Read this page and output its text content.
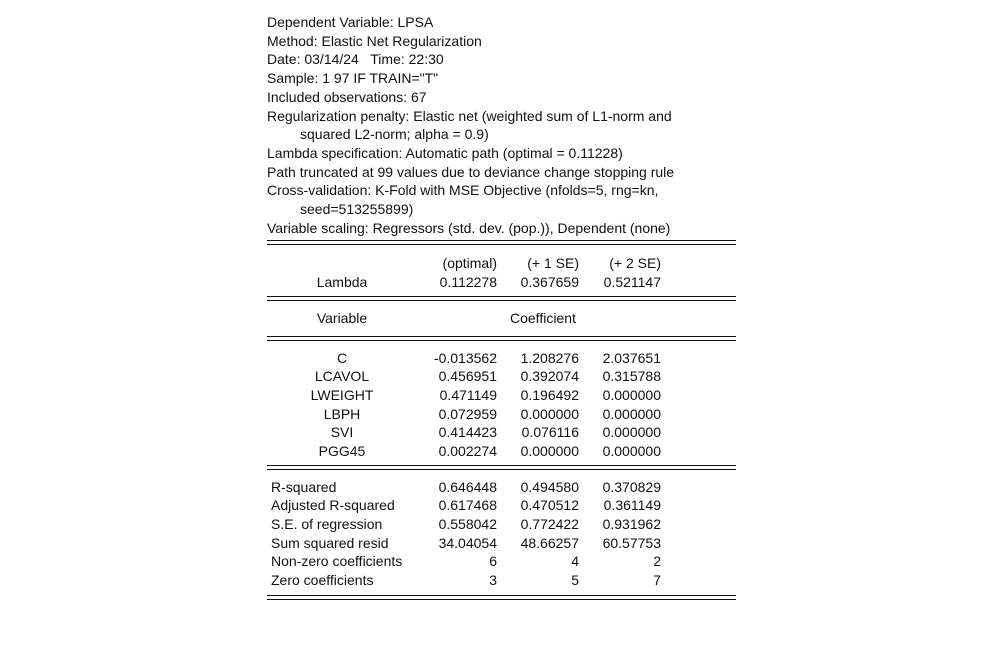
Dependent Variable: LPSA
Method: Elastic Net Regularization
Date: 03/14/24   Time: 22:30
Sample: 1 97 IF TRAIN="T"
Included observations: 67
Regularization penalty: Elastic net (weighted sum of L1-norm and
squared L2-norm; alpha = 0.9)
Lambda specification: Automatic path (optimal = 0.11228)
Path truncated at 99 values due to deviance change stopping rule
Cross-validation: K-Fold with MSE Objective (nfolds=5, rng=kn,
seed=513255899)
Variable scaling: Regressors (std. dev. (pop.)), Dependent (none)
(optimal) (+ 1 SE) (+ 2 SE)
Lambda	0.112278 0.367659 0.521147
Variable	Coefficient
C	-0.013562 1.208276 2.037651
LCAVOL	0.456951 0.392074 0.315788
LWEIGHT	0.471149 0.196492 0.000000
LBPH	0.072959 0.000000 0.000000
SVI	0.414423 0.076116 0.000000
PGG45	0.002274 0.000000 0.000000
R-squared	0.646448 0.494580 0.370829
Adjusted R-squared	0.617468 0.470512 0.361149
S.E. of regression	0.558042 0.772422 0.931962
Sum squared resid	34.04054 48.66257 60.57753
Non-zero coefficients	6	4	2
Zero coefficients	3	5	7
